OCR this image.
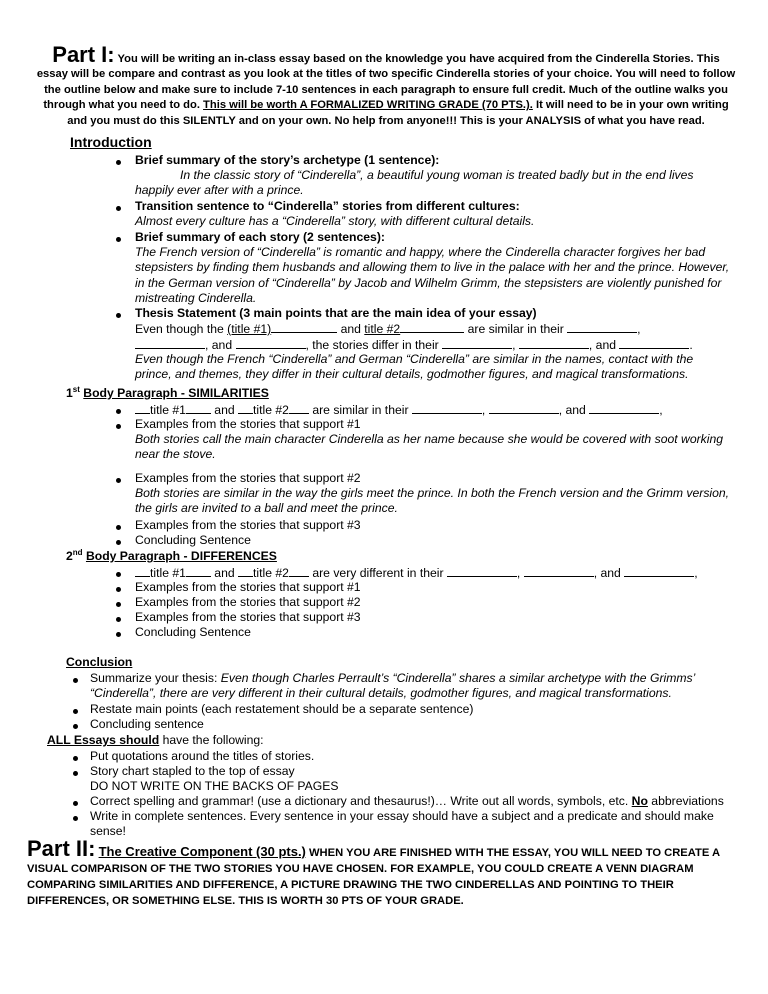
Part I: You will be writing an in-class essay based on the knowledge you have acquired from the Cinderella Stories. This essay will be compare and contrast as you look at the titles of two specific Cinderella stories of your choice. You will need to follow the outline below and make sure to include 7-10 sentences in each paragraph to ensure full credit. Much of the outline walks you through what you need to do. This will be worth A FORMALIZED WRITING GRADE (70 PTS.). It will need to be in your own writing and you must do this SILENTLY and on your own. No help from anyone!!! This is your ANALYSIS of what you have read.
Introduction
Brief summary of the story’s archetype (1 sentence):
In the classic story of “Cinderella”, a beautiful young woman is treated badly but in the end lives happily ever after with a prince.
Transition sentence to “Cinderella” stories from different cultures:
Almost every culture has a “Cinderella” story, with different cultural details.
Brief summary of each story (2 sentences):
The French version of “Cinderella” is romantic and happy, where the Cinderella character forgives her bad stepsisters by finding them husbands and allowing them to live in the palace with her and the prince. However, in the German version of “Cinderella” by Jacob and Wilhelm Grimm, the stepsisters are violently punished for mistreating Cinderella.
Thesis Statement (3 main points that are the main idea of your essay)
Even though the (title #1)	and title #2	are similar in their	,
, and	, the stories differ in their	,	, and	.
Even though the French “Cinderella” and German “Cinderella” are similar in the names, contact with the prince, and themes, they differ in their cultural details, godmother figures, and magical transformations.
1st Body Paragraph - SIMILARITIES
title #1 and title #2 are similar in their	,	, and	,
Examples from the stories that support #1
Both stories call the main character Cinderella as her name because she would be covered with soot working near the stove.
Examples from the stories that support #2
Both stories are similar in the way the girls meet the prince. In both the French version and the Grimm version, the girls are invited to a ball and meet the prince.
Examples from the stories that support #3
Concluding Sentence
2nd Body Paragraph - DIFFERENCES
title #1 and title #2 are very different in their	,	, and	,
Examples from the stories that support #1
Examples from the stories that support #2
Examples from the stories that support #3
Concluding Sentence
Conclusion
Summarize your thesis: Even though Charles Perrault’s “Cinderella” shares a similar archetype with the Grimms’ “Cinderella”, there are very different in their cultural details, godmother figures, and magical transformations.
Restate main points (each restatement should be a separate sentence)
Concluding sentence
ALL Essays should have the following:
Put quotations around the titles of stories.
Story chart stapled to the top of essay
DO NOT WRITE ON THE BACKS OF PAGES
Correct spelling and grammar! (use a dictionary and thesaurus!)… Write out all words, symbols, etc. No abbreviations
Write in complete sentences. Every sentence in your essay should have a subject and a predicate and should make sense!
Part II: The Creative Component (30 pts.) WHEN YOU ARE FINISHED WITH THE ESSAY, YOU WILL NEED TO CREATE A VISUAL COMPARISON OF THE TWO STORIES YOU HAVE CHOSEN. FOR EXAMPLE, YOU COULD CREATE A VENN DIAGRAM COMPARING SIMILARITIES AND DIFFERENCE, A PICTURE DRAWING THE TWO CINDERELLAS AND POINTING TO THEIR DIFFERENCES, OR SOMETHING ELSE. THIS IS WORTH 30 PTS OF YOUR GRADE.
